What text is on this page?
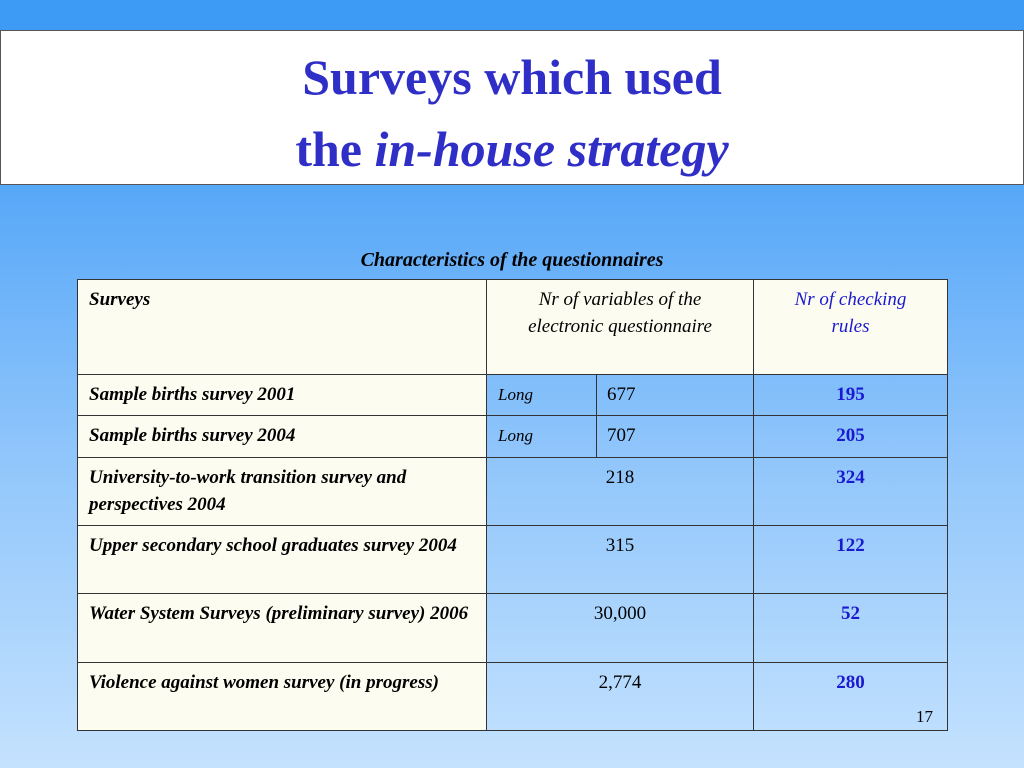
Surveys which used
the in-house strategy
Characteristics of the questionnaires
Surveys	Nr of variables of the electronic questionnaire		Nr of checking rules
Sample births survey 2001	Long	677	195
Sample births survey 2004	Long	707	205
University-to-work transition survey and perspectives 2004	218		324
Upper secondary school graduates survey 2004	315		122
Water System Surveys (preliminary survey) 2006	30,000		52
Violence against women survey (in progress)	2,774		280
17
